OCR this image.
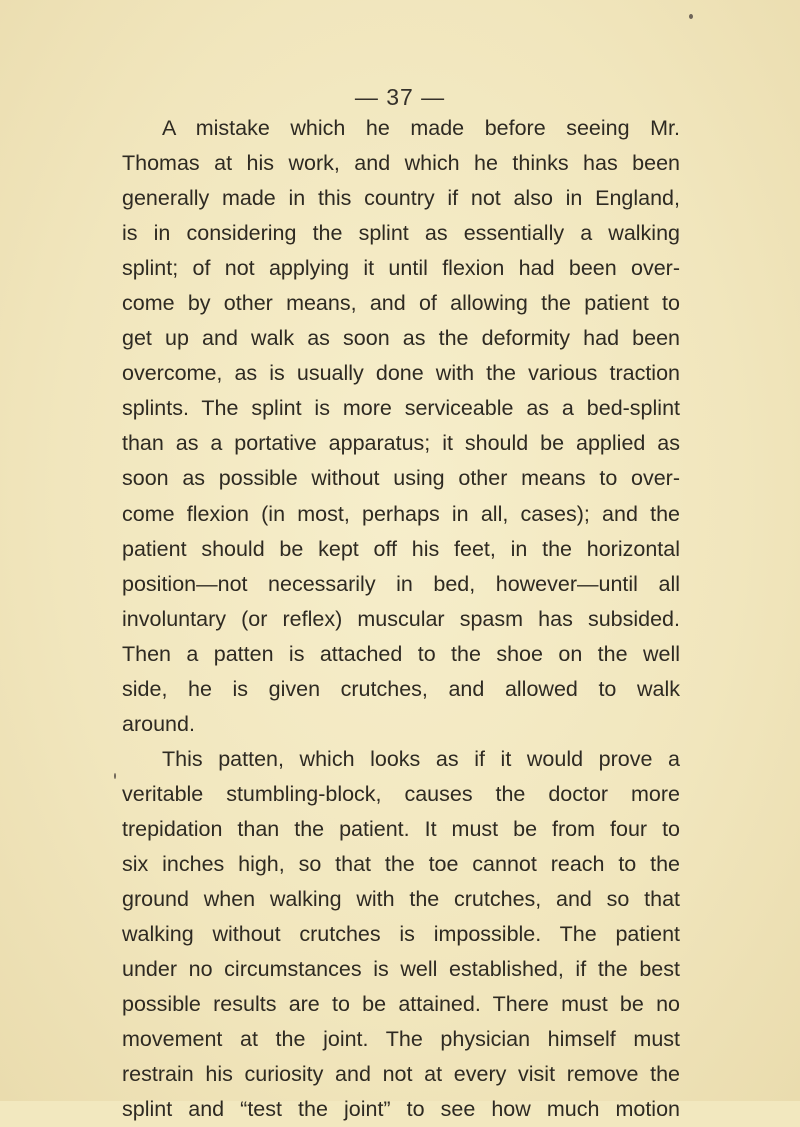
— 37 —
A mistake which he made before seeing Mr.
Thomas at his work, and which he thinks has been
generally made in this country if not also in England,
is in considering the splint as essentially a walking
splint; of not applying it until flexion had been over-
come by other means, and of allowing the patient to
get up and walk as soon as the deformity had been
overcome, as is usually done with the various traction
splints. The splint is more serviceable as a bed-splint
than as a portative apparatus; it should be applied as
soon as possible without using other means to over-
come flexion (in most, perhaps in all, cases); and the
patient should be kept off his feet, in the horizontal
position—not necessarily in bed, however—until all
involuntary (or reflex) muscular spasm has subsided.
Then a patten is attached to the shoe on the well
side, he is given crutches, and allowed to walk
around.
This patten, which looks as if it would prove a
veritable stumbling-block, causes the doctor more
trepidation than the patient. It must be from four to
six inches high, so that the toe cannot reach to the
ground when walking with the crutches, and so that
walking without crutches is impossible. The patient
under no circumstances is well established, if the best
possible results are to be attained. There must be no
movement at the joint. The physician himself must
restrain his curiosity and not at every visit remove the
splint and “test the joint” to see how much motion
